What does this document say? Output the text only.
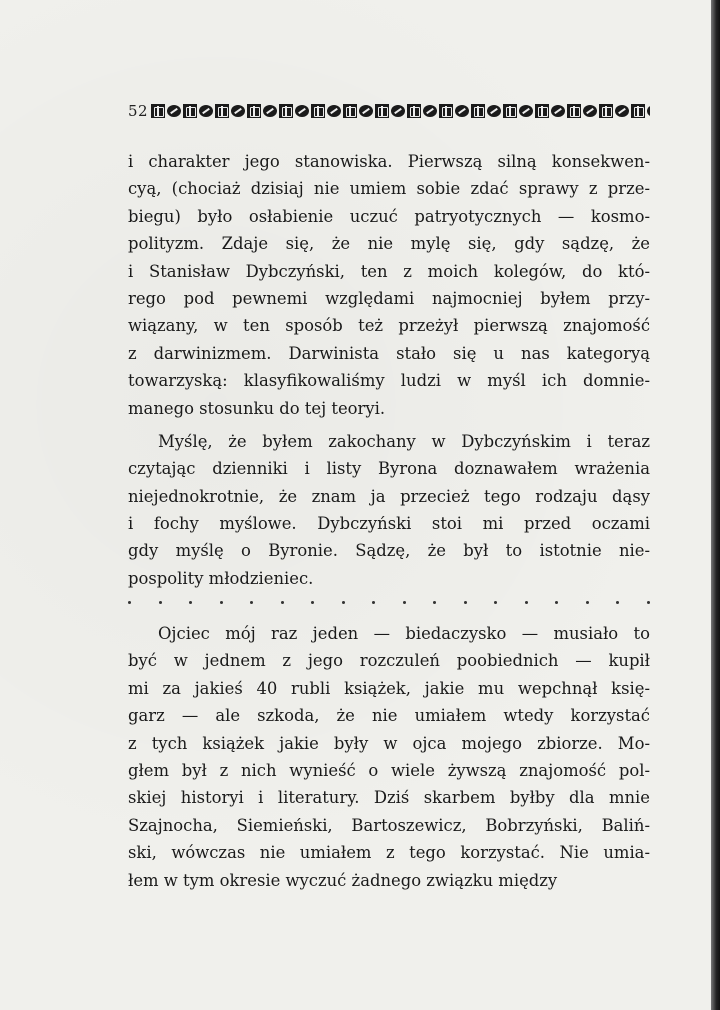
52
i charakter jego stanowiska. Pierwszą silną konsekwen-
cyą, (chociaż dzisiaj nie umiem sobie zdać sprawy z prze-
biegu) było osłabienie uczuć patryotycznych — kosmo-
polityzm. Zdaje się, że nie mylę się, gdy sądzę, że
i Stanisław Dybczyński, ten z moich kolegów, do któ-
rego pod pewnemi względami najmocniej byłem przy-
wiązany, w ten sposób też przeżył pierwszą znajomość
z darwinizmem. Darwinista stało się u nas kategoryą
towarzyską: klasyfikowaliśmy ludzi w myśl ich domnie-
manego stosunku do tej teoryi.
Myślę, że byłem zakochany w Dybczyńskim i teraz
czytając dzienniki i listy Byrona doznawałem wrażenia
niejednokrotnie, że znam ja przecież tego rodzaju dąsy
i fochy myślowe. Dybczyński stoi mi przed oczami
gdy myślę o Byronie. Sądzę, że był to istotnie nie-
pospolity młodzieniec.
Ojciec mój raz jeden — biedaczysko — musiało to
być w jednem z jego rozczuleń poobiednich — kupił
mi za jakieś 40 rubli książek, jakie mu wepchnął księ-
garz — ale szkoda, że nie umiałem wtedy korzystać
z tych książek jakie były w ojca mojego zbiorze. Mo-
głem był z nich wynieść o wiele żywszą znajomość pol-
skiej historyi i literatury. Dziś skarbem byłby dla mnie
Szajnocha, Siemieński, Bartoszewicz, Bobrzyński, Baliń-
ski, wówczas nie umiałem z tego korzystać. Nie umia-
łem w tym okresie wyczuć żadnego związku między
